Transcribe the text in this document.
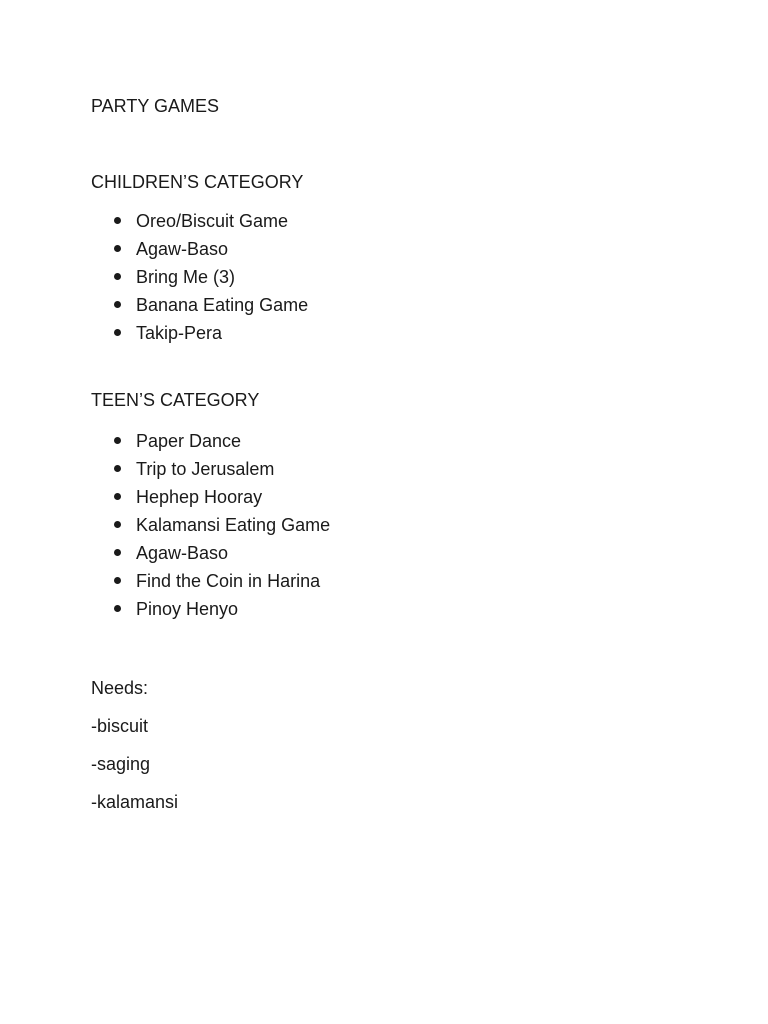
PARTY GAMES
CHILDREN’S CATEGORY
Oreo/Biscuit Game
Agaw-Baso
Bring Me (3)
Banana Eating Game
Takip-Pera
TEEN’S CATEGORY
Paper Dance
Trip to Jerusalem
Hephep Hooray
Kalamansi Eating Game
Agaw-Baso
Find the Coin in Harina
Pinoy Henyo
Needs:

-biscuit

-saging

-kalamansi
